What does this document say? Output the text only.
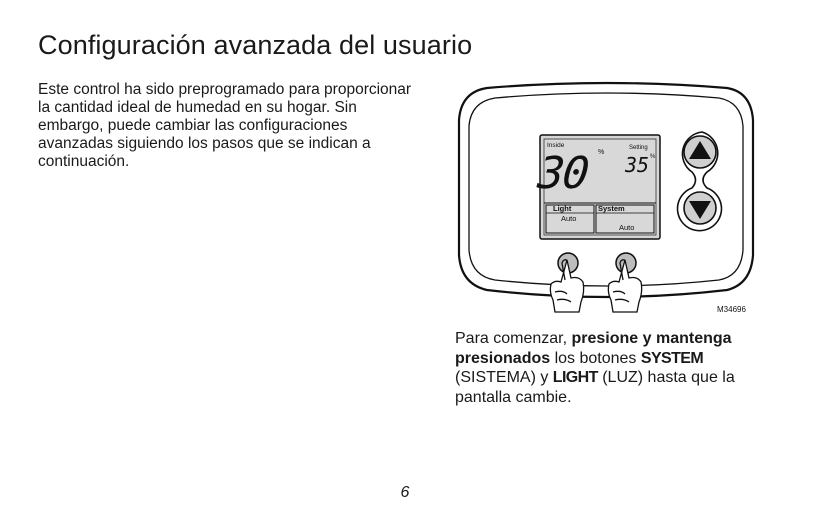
Configuración avanzada del usuario

Este control ha sido preprogramado para proporcionar la cantidad ideal de humedad en su hogar. Sin embargo, puede cambiar las configuraciones avanzadas siguiendo los pasos que se indican a continuación.

Inside
30 %
Setting
35 %
Light
Auto
System
Auto
M34696

Para comenzar, presione y mantenga presionados los botones SYSTEM (SISTEMA) y LIGHT (LUZ) hasta que la pantalla cambie.

6
